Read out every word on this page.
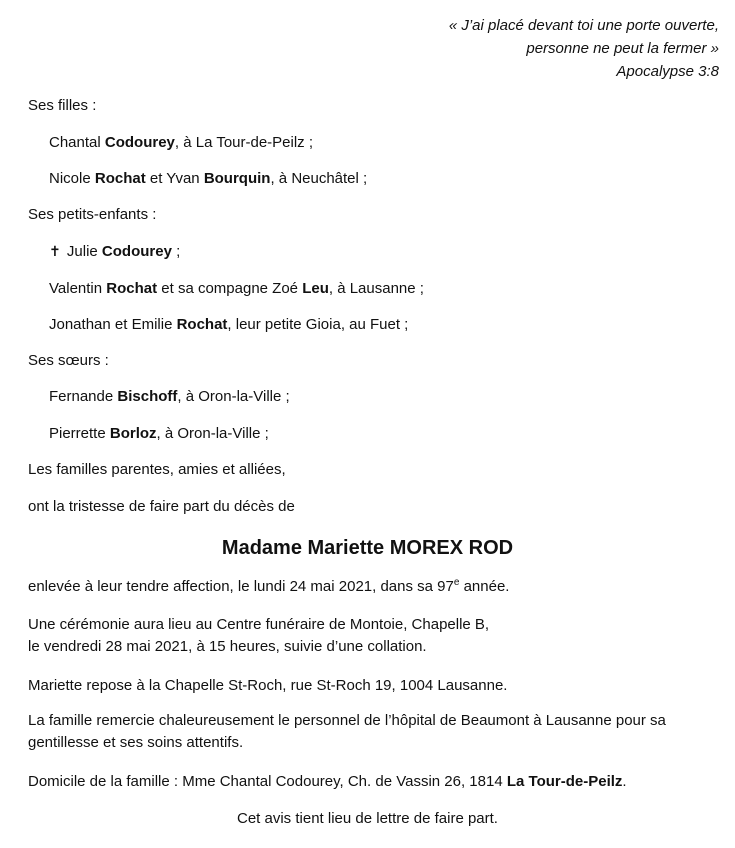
« J’ai placé devant toi une porte ouverte,
personne ne peut la fermer »
Apocalypse 3:8
Ses filles :
Chantal Codourey, à La Tour-de-Peilz ;
Nicole Rochat et Yvan Bourquin, à Neuchâtel ;
Ses petits-enfants :
✝ Julie Codourey ;
Valentin Rochat et sa compagne Zoé Leu, à Lausanne ;
Jonathan et Emilie Rochat, leur petite Gioia, au Fuet ;
Ses sœurs :
Fernande Bischoff, à Oron-la-Ville ;
Pierrette Borloz, à Oron-la-Ville ;
Les familles parentes, amies et alliées,
ont la tristesse de faire part du décès de
Madame Mariette MOREX ROD
enlevée à leur tendre affection, le lundi 24 mai 2021, dans sa 97e année.
Une cérémonie aura lieu au Centre funéraire de Montoie, Chapelle B,
le vendredi 28 mai 2021, à 15 heures, suivie d’une collation.
Mariette repose à la Chapelle St-Roch, rue St-Roch 19, 1004 Lausanne.
La famille remercie chaleureusement le personnel de l’hôpital de Beaumont à Lausanne pour sa gentillesse et ses soins attentifs.
Domicile de la famille : Mme Chantal Codourey, Ch. de Vassin 26, 1814 La Tour-de-Peilz.
Cet avis tient lieu de lettre de faire part.
